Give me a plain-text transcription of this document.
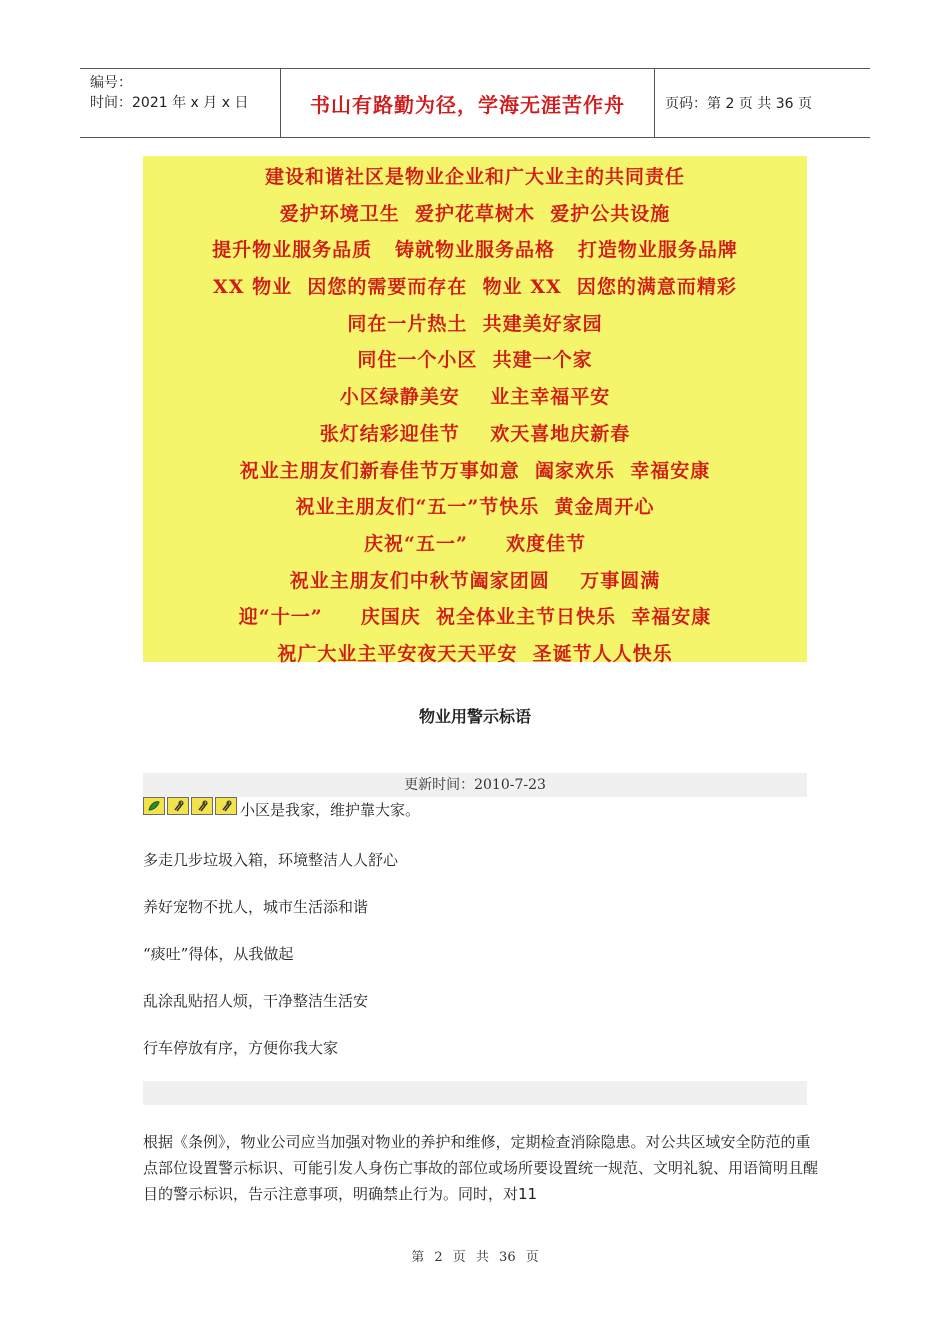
编号：
时间：2021 年 x 月 x 日	书山有路勤为径，学海无涯苦作舟	页码：第 2 页 共 36 页
建设和谐社区是物业企业和广大业主的共同责任
爱护环境卫生  爱护花草树木  爱护公共设施
提升物业服务品质   铸就物业服务品格   打造物业服务品牌
XX 物业  因您的需要而存在  物业 XX  因您的满意而精彩
同在一片热土  共建美好家园
同住一个小区  共建一个家
小区绿静美安    业主幸福平安
张灯结彩迎佳节    欢天喜地庆新春
祝业主朋友们新春佳节万事如意  阖家欢乐  幸福安康
祝业主朋友们“五一”节快乐  黄金周开心
庆祝“五一”     欢度佳节
祝业主朋友们中秋节阖家团圆    万事圆满
迎“十一”     庆国庆  祝全体业主节日快乐  幸福安康
祝广大业主平安夜天天平安  圣诞节人人快乐
物业用警示标语
更新时间：2010-7-23
小区是我家，维护靠大家。
多走几步垃圾入箱，环境整洁人人舒心
养好宠物不扰人，城市生活添和谐
“痰吐”得体，从我做起
乱涂乱贴招人烦，干净整洁生活安
行车停放有序，方便你我大家
根据《条例》，物业公司应当加强对物业的养护和维修，定期检查消除隐患。对公共区域安全防范的重点部位设置警示标识、可能引发人身伤亡事故的部位或场所要设置统一规范、文明礼貌、用语简明且醒目的警示标识，告示注意事项，明确禁止行为。同时，对11
第 2 页 共 36 页
